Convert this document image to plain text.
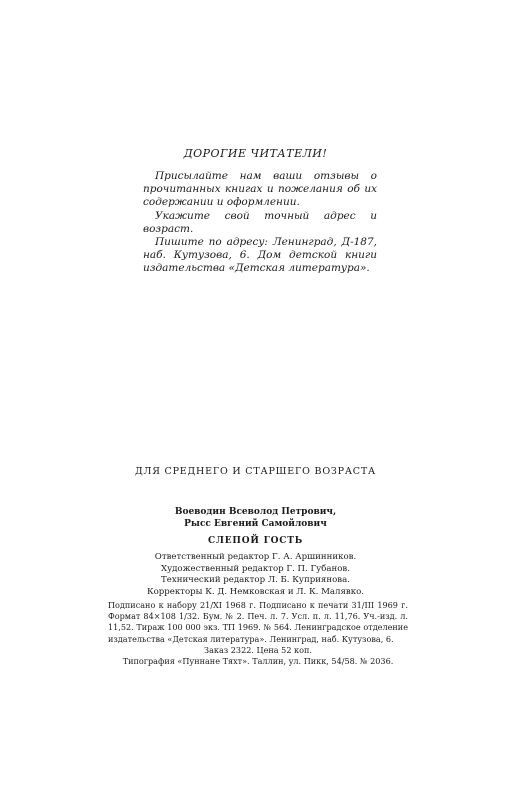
ДОРОГИЕ ЧИТАТЕЛИ!

Присылайте нам ваши отзывы о прочитанных книгах и пожелания об их содержании и оформлении.

Укажите свой точный адрес и возраст.

Пишите по адресу: Ленинград, Д-187, наб. Кутузова, 6. Дом детской книги издательства «Детская литература».

ДЛЯ СРЕДНЕГО И СТАРШЕГО ВОЗРАСТА
Воеводин Всеволод Петрович,
Рысс Евгений Самойлович
СЛЕПОЙ ГОСТЬ
Ответственный редактор Г. А. Аршинников.
Художественный редактор Г. П. Губанов.
Технический редактор Л. Б. Куприянова.
Корректоры К. Д. Немковская и Л. К. Малявко.

Подписано к набору 21/XI 1968 г. Подписано к печати 31/III 1969 г. Формат 84×108 1/32. Бум. № 2. Печ. л. 7. Усл. п. л. 11,76. Уч.-изд. л. 11,52. Тираж 100 000 экз. ТП 1969. № 564. Ленинградское отделение издательства «Детская литература». Ленинград, наб. Кутузова, 6.

Заказ 2322. Цена 52 коп.

Типография «Пуннане Тяхт». Таллин, ул. Пикк, 54/58. № 2036.
